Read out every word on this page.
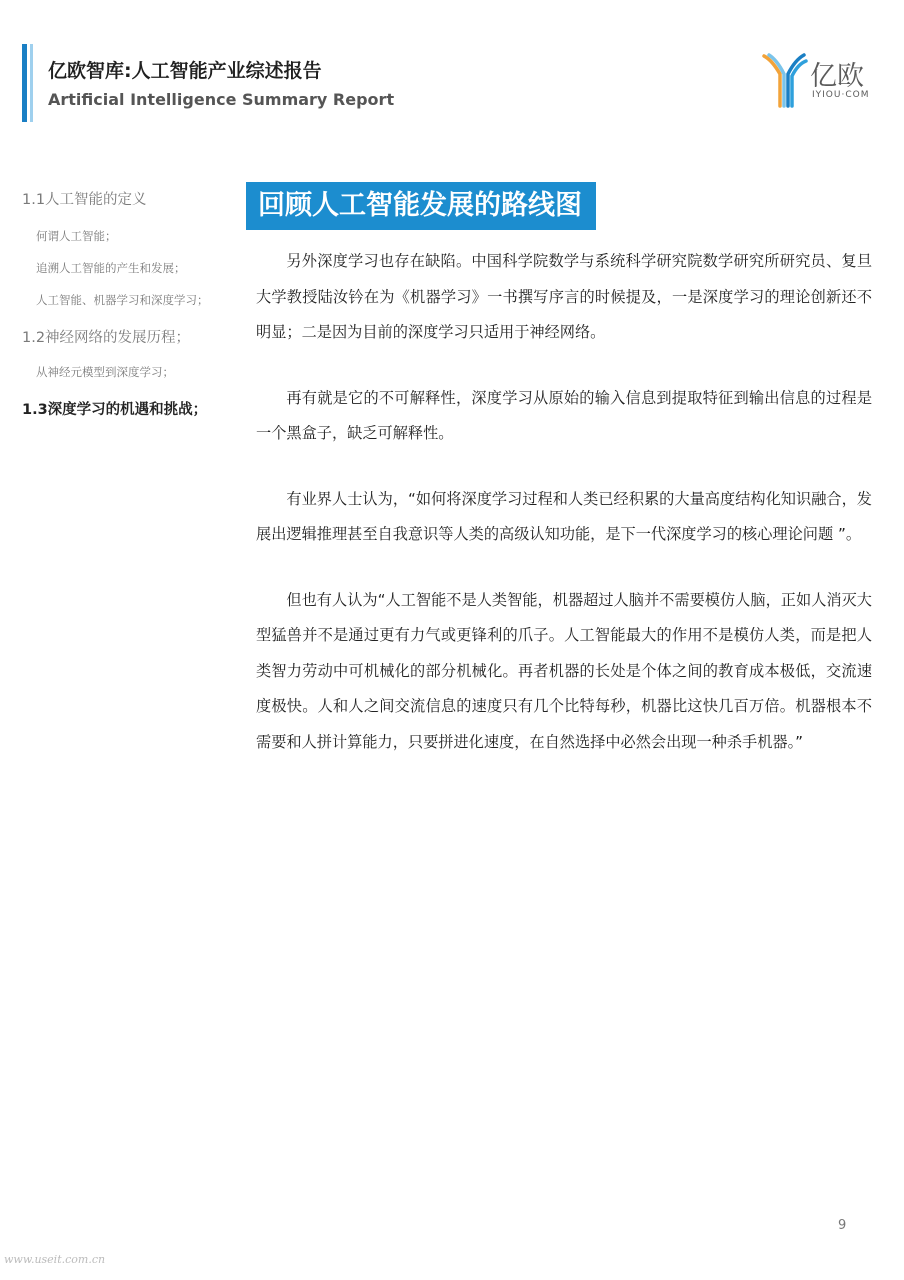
亿欧智库:人工智能产业综述报告
Artificial Intelligence Summary Report
亿欧
IYIOU·COM
1.1人工智能的定义
何谓人工智能；
追溯人工智能的产生和发展；
人工智能、机器学习和深度学习；
1.2神经网络的发展历程；
从神经元模型到深度学习；
1.3深度学习的机遇和挑战；
回顾人工智能发展的路线图

另外深度学习也存在缺陷。中国科学院数学与系统科学研究院数学研究所研究员、复旦大学教授陆汝钤在为《机器学习》一书撰写序言的时候提及，一是深度学习的理论创新还不明显；二是因为目前的深度学习只适用于神经网络。

再有就是它的不可解释性，深度学习从原始的输入信息到提取特征到输出信息的过程是一个黑盒子，缺乏可解释性。

有业界人士认为，“如何将深度学习过程和人类已经积累的大量高度结构化知识融合，发展出逻辑推理甚至自我意识等人类的高级认知功能，是下一代深度学习的核心理论问题 ”。

但也有人认为“人工智能不是人类智能，机器超过人脑并不需要模仿人脑，正如人消灭大型猛兽并不是通过更有力气或更锋利的爪子。人工智能最大的作用不是模仿人类，而是把人类智力劳动中可机械化的部分机械化。再者机器的长处是个体之间的教育成本极低，交流速度极快。人和人之间交流信息的速度只有几个比特每秒，机器比这快几百万倍。机器根本不需要和人拼计算能力，只要拼进化速度，在自然选择中必然会出现一种杀手机器。”

9
www.useit.com.cn
